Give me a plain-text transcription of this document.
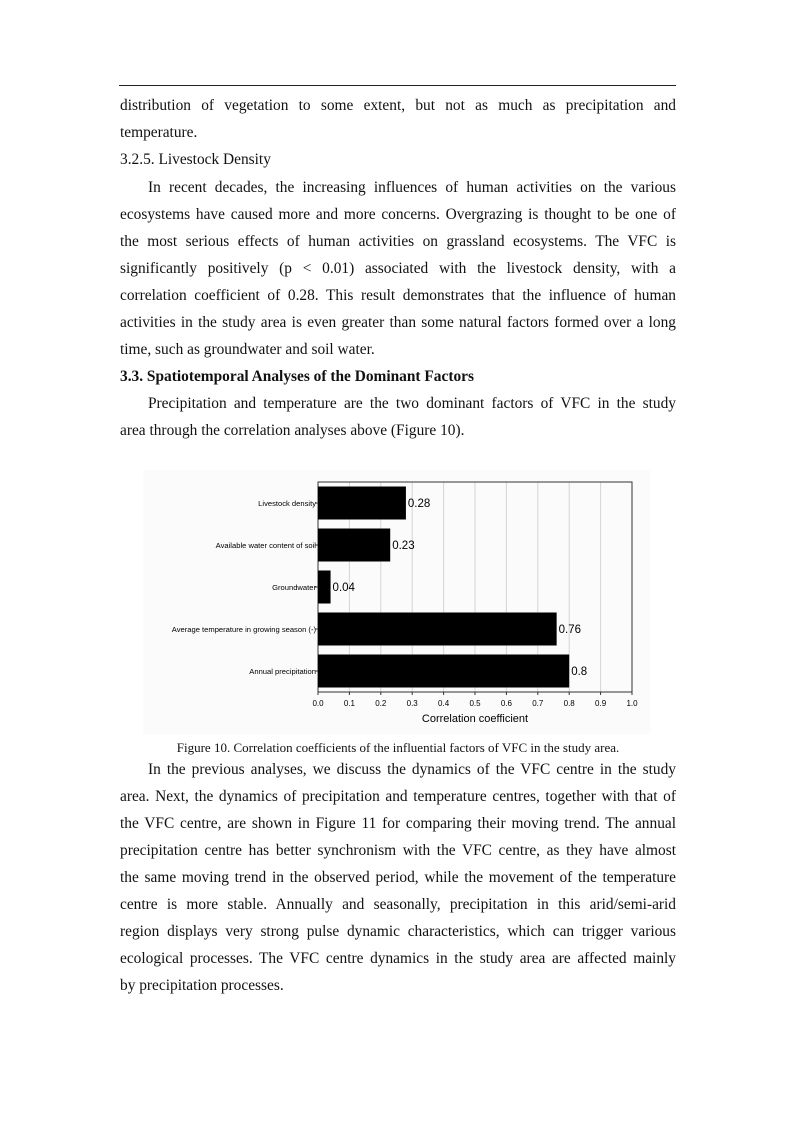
distribution of vegetation to some extent, but not as much as precipitation and
temperature.
3.2.5. Livestock Density
In recent decades, the increasing influences of human activities on the various
ecosystems have caused more and more concerns. Overgrazing is thought to be one of
the most serious effects of human activities on grassland ecosystems. The VFC is
significantly positively (p < 0.01) associated with the livestock density, with a
correlation coefficient of 0.28. This result demonstrates that the influence of human
activities in the study area is even greater than some natural factors formed over a long
time, such as groundwater and soil water.
3.3. Spatiotemporal Analyses of the Dominant Factors
Precipitation and temperature are the two dominant factors of VFC in the study
area through the correlation analyses above (Figure 10).
0.28
Livestock density
0.23
Available water content of soil
0.04
Groundwater
0.76
Average temperature in growing season (-)
0.8
Annual precipitation
0.0	0.1	0.2	0.3	0.4	0.5	0.6	0.7	0.8	0.9	1.0
Correlation coefficient
Figure 10. Correlation coefficients of the influential factors of VFC in the study area.
In the previous analyses, we discuss the dynamics of the VFC centre in the study
area. Next, the dynamics of precipitation and temperature centres, together with that of
the VFC centre, are shown in Figure 11 for comparing their moving trend. The annual
precipitation centre has better synchronism with the VFC centre, as they have almost
the same moving trend in the observed period, while the movement of the temperature
centre is more stable. Annually and seasonally, precipitation in this arid/semi-arid
region displays very strong pulse dynamic characteristics, which can trigger various
ecological processes. The VFC centre dynamics in the study area are affected mainly
by precipitation processes.
